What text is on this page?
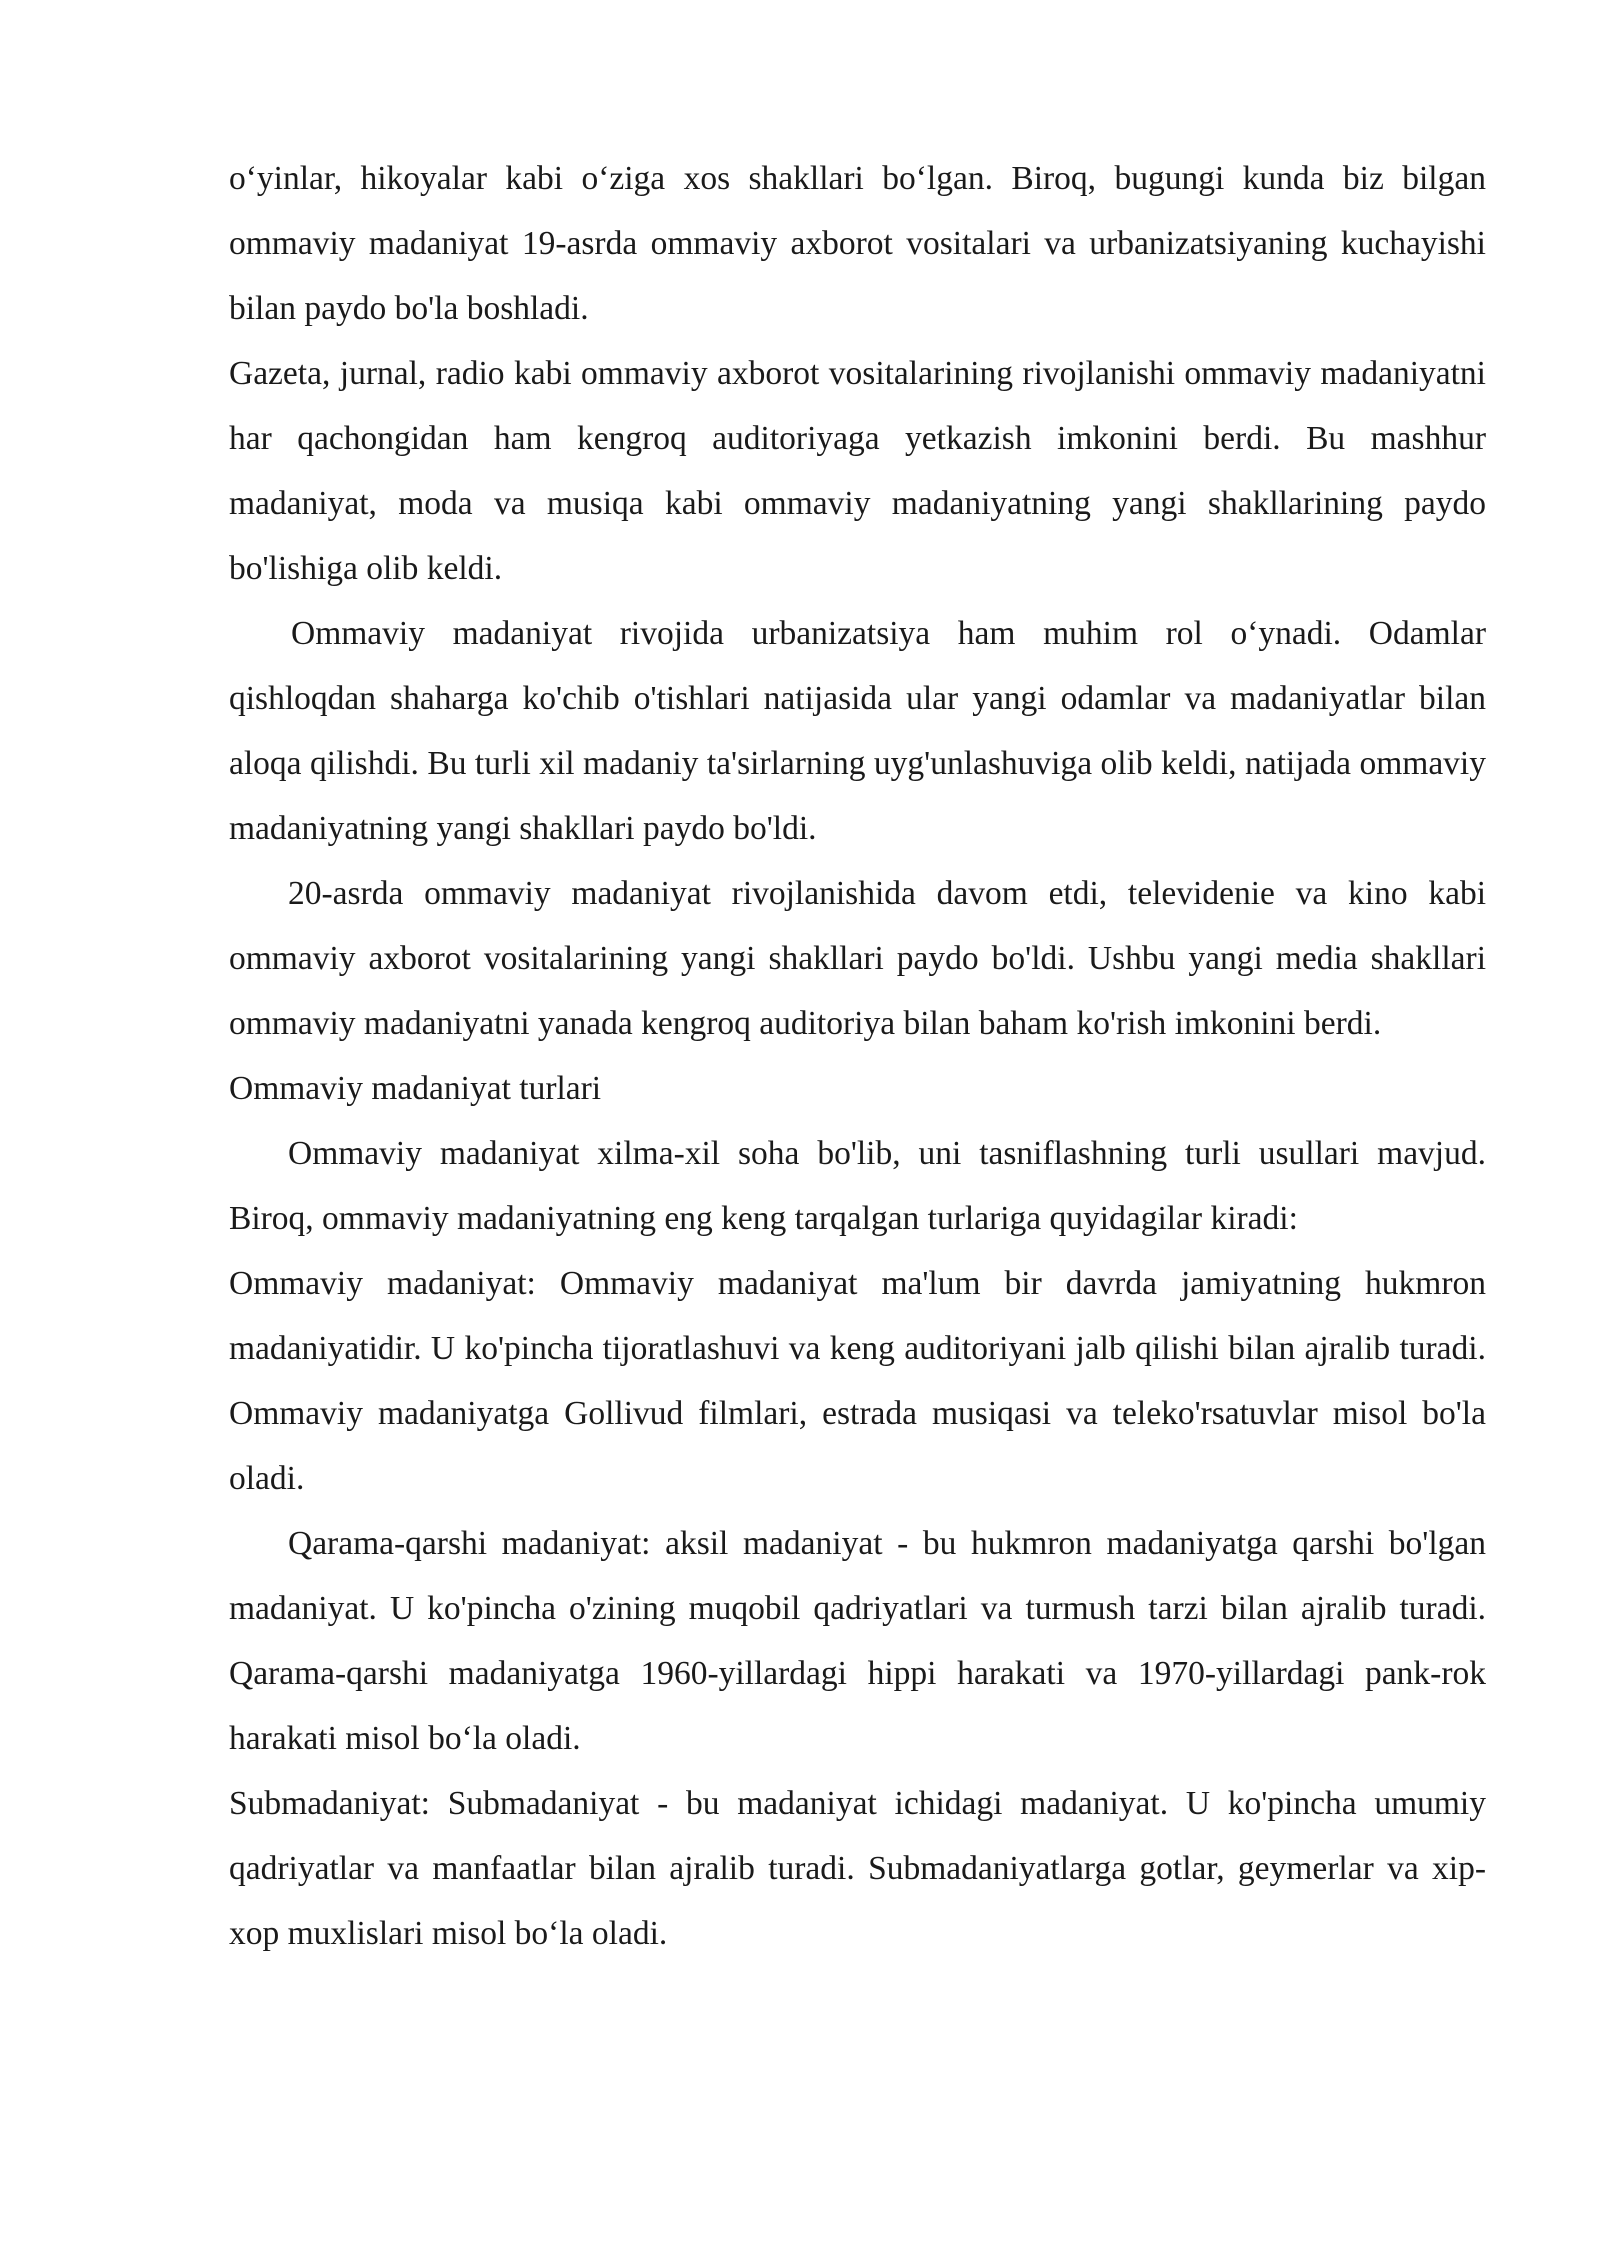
o‘yinlar, hikoyalar kabi o‘ziga xos shakllari bo‘lgan. Biroq, bugungi kunda biz bilgan ommaviy madaniyat 19-asrda ommaviy axborot vositalari va urbanizatsiyaning kuchayishi bilan paydo bo'la boshladi.

Gazeta, jurnal, radio kabi ommaviy axborot vositalarining rivojlanishi ommaviy madaniyatni har qachongidan ham kengroq auditoriyaga yetkazish imkonini berdi. Bu mashhur madaniyat, moda va musiqa kabi ommaviy madaniyatning yangi shakllarining paydo bo'lishiga olib keldi.

Ommaviy madaniyat rivojida urbanizatsiya ham muhim rol o‘ynadi. Odamlar qishloqdan shaharga ko'chib o'tishlari natijasida ular yangi odamlar va madaniyatlar bilan aloqa qilishdi. Bu turli xil madaniy ta'sirlarning uyg'unlashuviga olib keldi, natijada ommaviy madaniyatning yangi shakllari paydo bo'ldi.

20-asrda ommaviy madaniyat rivojlanishida davom etdi, televidenie va kino kabi ommaviy axborot vositalarining yangi shakllari paydo bo'ldi. Ushbu yangi media shakllari ommaviy madaniyatni yanada kengroq auditoriya bilan baham ko'rish imkonini berdi.

Ommaviy madaniyat turlari

Ommaviy madaniyat xilma-xil soha bo'lib, uni tasniflashning turli usullari mavjud. Biroq, ommaviy madaniyatning eng keng tarqalgan turlariga quyidagilar kiradi:

Ommaviy madaniyat: Ommaviy madaniyat ma'lum bir davrda jamiyatning hukmron madaniyatidir. U ko'pincha tijoratlashuvi va keng auditoriyani jalb qilishi bilan ajralib turadi. Ommaviy madaniyatga Gollivud filmlari, estrada musiqasi va teleko'rsatuvlar misol bo'la oladi.

Qarama-qarshi madaniyat: aksil madaniyat - bu hukmron madaniyatga qarshi bo'lgan madaniyat. U ko'pincha o'zining muqobil qadriyatlari va turmush tarzi bilan ajralib turadi. Qarama-qarshi madaniyatga 1960-yillardagi hippi harakati va 1970-yillardagi pank-rok harakati misol bo‘la oladi.

Submadaniyat: Submadaniyat - bu madaniyat ichidagi madaniyat. U ko'pincha umumiy qadriyatlar va manfaatlar bilan ajralib turadi. Submadaniyatlarga gotlar, geymerlar va xip-xop muxlislari misol bo‘la oladi.
